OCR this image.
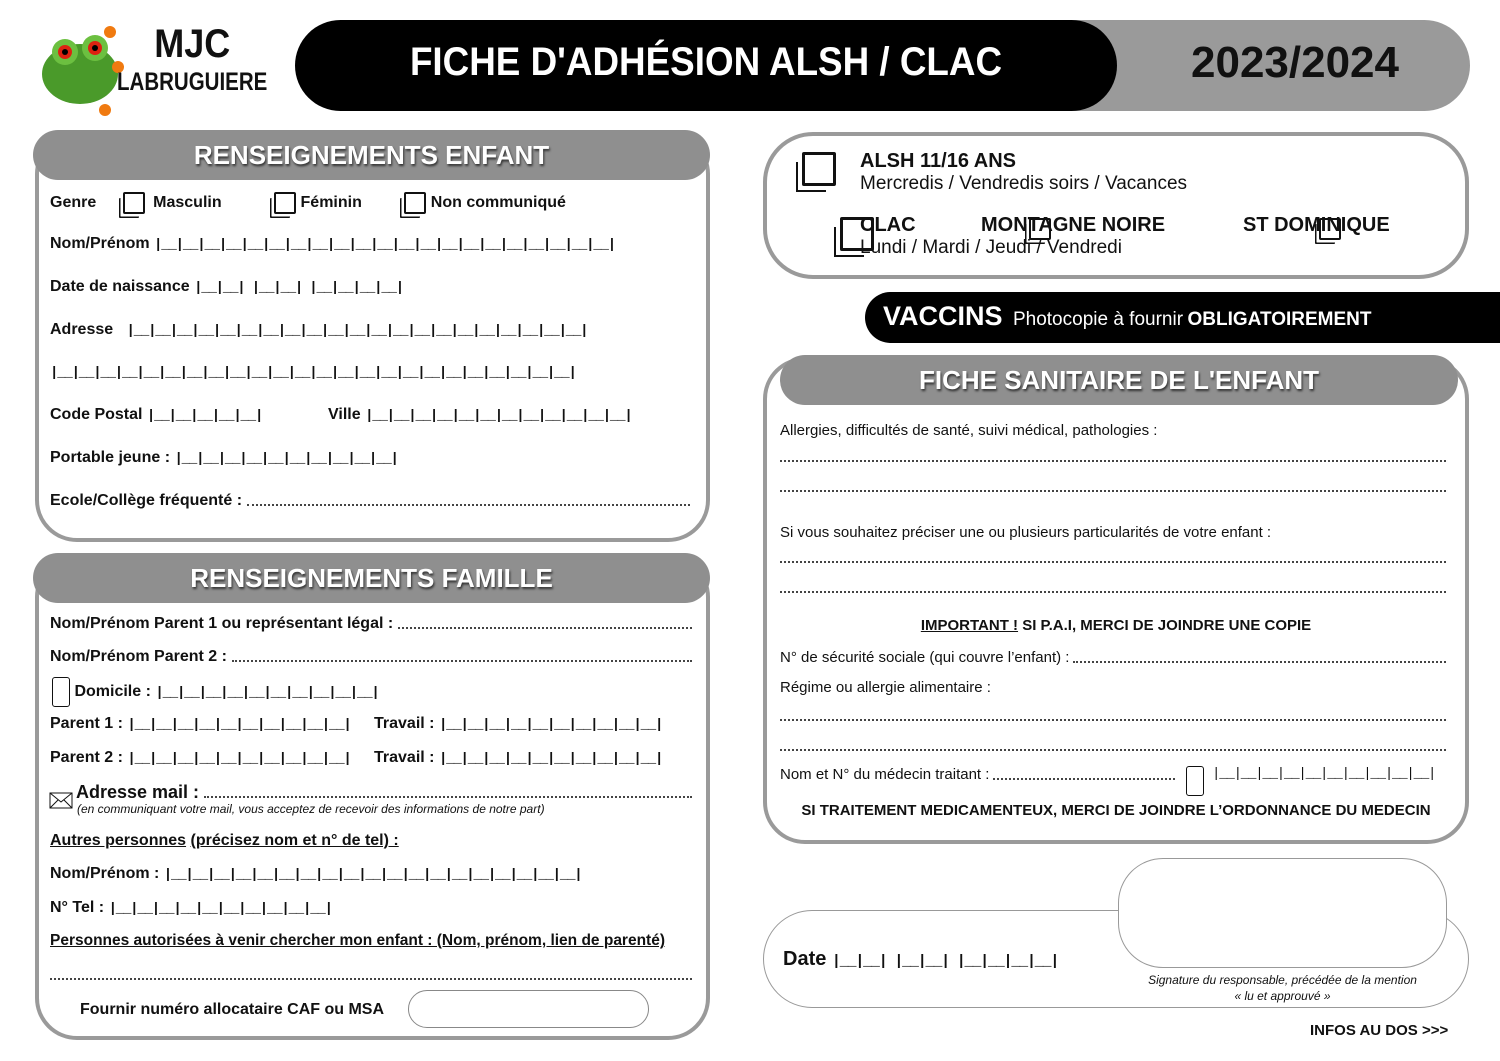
MJC
LABRUGUIERE	FICHE D'ADHÉSION ALSH / CLAC	2023/2024
RENSEIGNEMENTS ENFANT
Genre	Masculin	Féminin	Non communiqué
Nom/Prénom |__|__|__|__|__|__|__|__|__|__|__|__|__|__|__|__|__|__|__|__|__|
Date de naissance |__|__| |__|__| |__|__|__|__|
Adresse |__|__|__|__|__|__|__|__|__|__|__|__|__|__|__|__|__|__|__|__|__|
|__|__|__|__|__|__|__|__|__|__|__|__|__|__|__|__|__|__|__|__|__|__|__|__|
Code Postal |__|__|__|__|__|	Ville |__|__|__|__|__|__|__|__|__|__|__|__|
Portable jeune : |__|__|__|__|__|__|__|__|__|__|
Ecole/Collège fréquenté :
RENSEIGNEMENTS FAMILLE
Nom/Prénom Parent 1 ou représentant légal :
Nom/Prénom Parent 2 :
Domicile : |__|__|__|__|__|__|__|__|__|__|
Parent 1 : |__|__|__|__|__|__|__|__|__|__| Travail : |__|__|__|__|__|__|__|__|__|__|
Parent 2 : |__|__|__|__|__|__|__|__|__|__| Travail : |__|__|__|__|__|__|__|__|__|__|
Adresse mail :
(en communiquant votre mail, vous acceptez de recevoir des informations de notre part)
Autres personnes (précisez nom et n° de tel) :
Nom/Prénom : |__|__|__|__|__|__|__|__|__|__|__|__|__|__|__|__|__|__|__|
N° Tel : |__|__|__|__|__|__|__|__|__|__|
Personnes autorisées à venir chercher mon enfant : (Nom, prénom, lien de parenté)
Fournir numéro allocataire CAF ou MSA

ALSH 11/16 ANS
Mercredis / Vendredis soirs / Vacances

CLAC
	MONTAGNE NOIRE
	ST DOMINIQUE
Lundi / Mardi / Jeudi / Vendredi
VACCINS Photocopie à fournir OBLIGATOIREMENT
FICHE SANITAIRE DE L'ENFANT
Allergies, difficultés de santé, suivi médical, pathologies :
Si vous souhaitez préciser une ou plusieurs particularités de votre enfant :
IMPORTANT ! SI P.A.I, MERCI DE JOINDRE UNE COPIE
N° de sécurité sociale (qui couvre l’enfant) :
Régime ou allergie alimentaire :
Nom et N° du médecin traitant :	|__|__|__|__|__|__|__|__|__|__|
SI TRAITEMENT MEDICAMENTEUX, MERCI DE JOINDRE L’ORDONNANCE DU MEDECIN
Date |__|__| |__|__| |__|__|__|__|
Signature du responsable, précédée de la mention
« lu et approuvé »
INFOS AU DOS >>>
